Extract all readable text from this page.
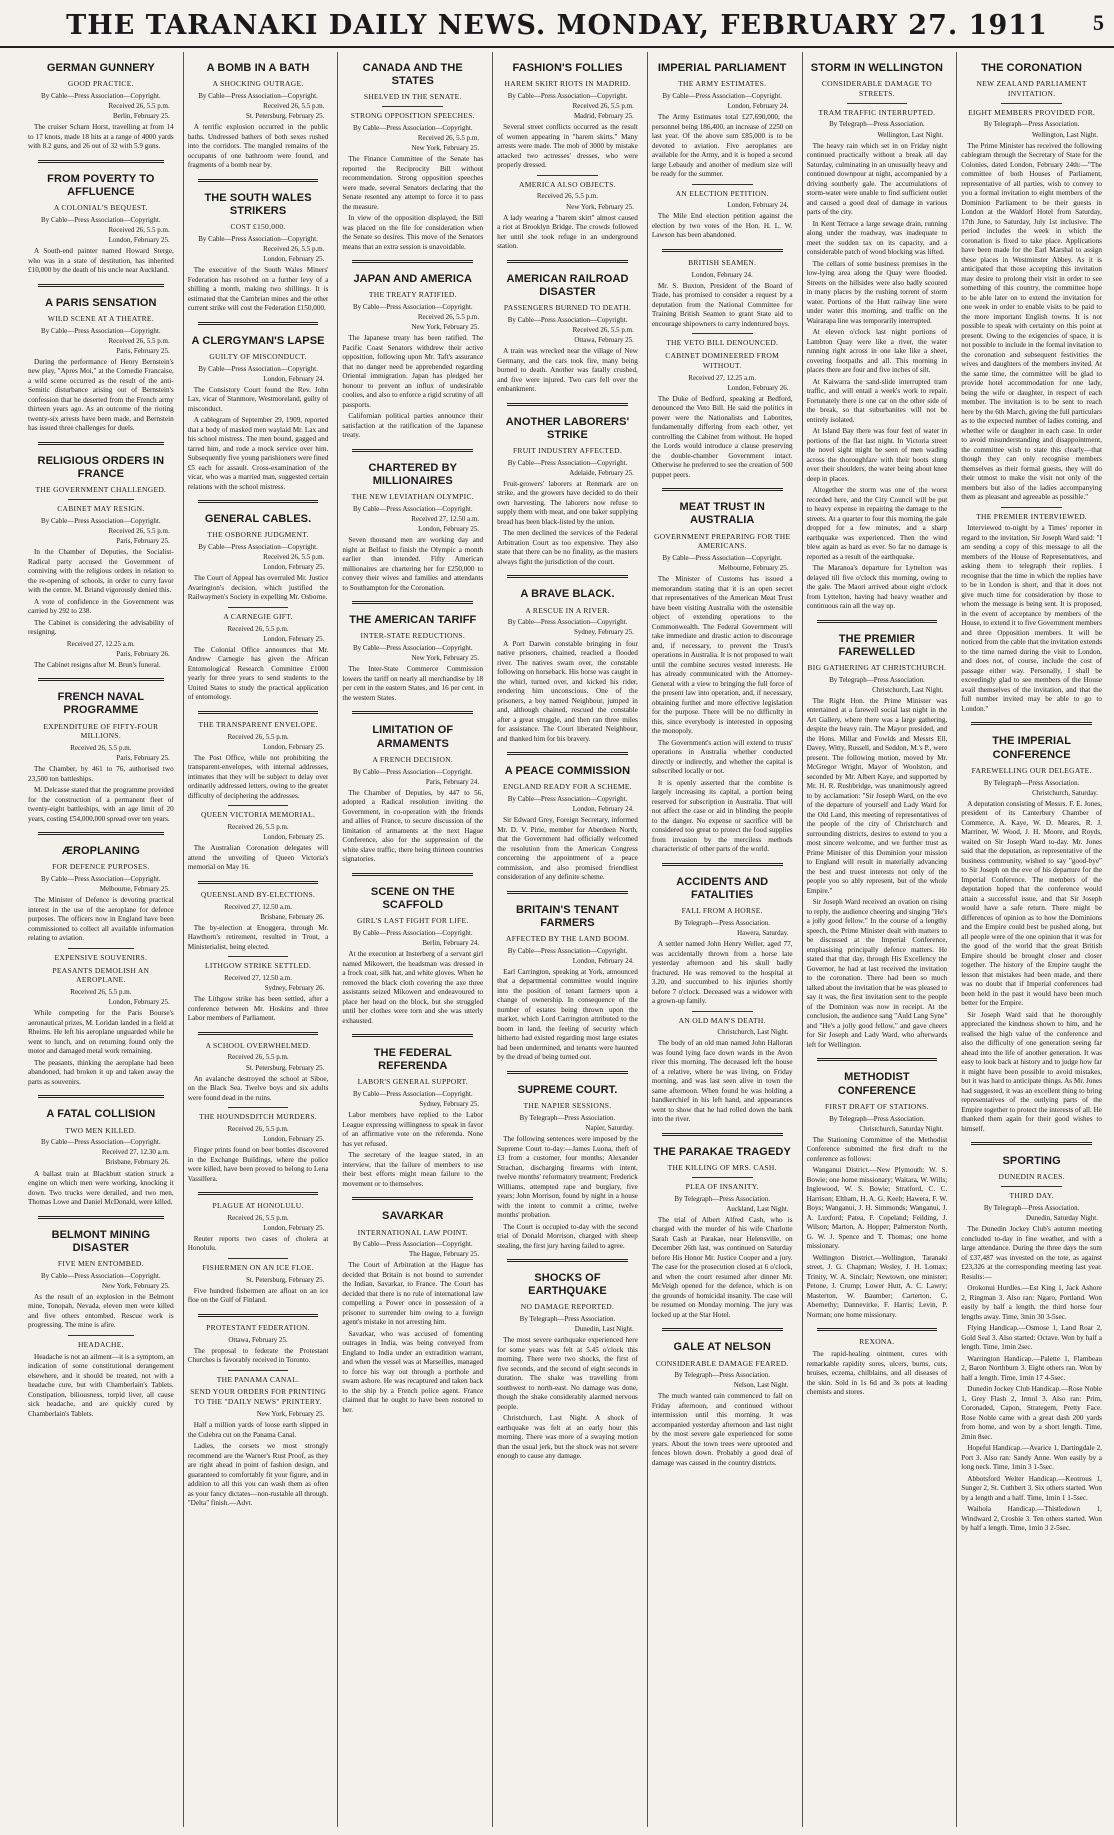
THE TARANAKI DAILY NEWS. MONDAY, FEBRUARY 27. 1911	5
GERMAN GUNNERY
GOOD PRACTICE.
By Cable—Press Association—Copyright.
Received 26, 5.5 p.m.
Berlin, February 25.

The cruiser Scharn Horst, travelling at from 14 to 17 knots, made 18 hits at a range of 4000 yards with 8.2 guns, and 26 out of 32 with 5.9 guns.

FROM POVERTY TO AFFLUENCE
A COLONIAL'S BEQUEST.
By Cable—Press Association—Copyright.
Received 26, 5.5 p.m.
London, February 25.

A South-end painter named Howard Sterge, who was in a state of destitution, has inherited £10,000 by the death of his uncle near Auckland.

A PARIS SENSATION
WILD SCENE AT A THEATRE.
By Cable—Press Association—Copyright.
Received 26, 5.5 p.m.
Paris, February 25.

During the performance of Henry Bernstein's new play, "Apres Moi," at the Comedie Francaise, a wild scene occurred as the result of the anti-Semitic disturbance arising out of Bernstein's confession that he deserted from the French army thirteen years ago. As an outcome of the rioting twenty-six arrests have been made, and Bernstein has issued three challenges for duels.

RELIGIOUS ORDERS IN FRANCE
THE GOVERNMENT CHALLENGED.
CABINET MAY RESIGN.
By Cable—Press Association—Copyright.
Received 26, 5.5 p.m.
Paris, February 25.

In the Chamber of Deputies, the Socialist-Radical party accused the Government of conniving with the religious orders in relation to the re-opening of schools, in order to curry favor with the centre. M. Briand vigorously denied this.

A vote of confidence in the Government was carried by 292 to 238.

The Cabinet is considering the advisability of resigning.

Received 27, 12.25 a.m.
Paris, February 26.

The Cabinet resigns after M. Brun's funeral.

FRENCH NAVAL PROGRAMME
EXPENDITURE OF FIFTY-FOUR MILLIONS.
Received 26, 5.5 p.m.
Paris, February 25.

The Chamber, by 461 to 76, authorised two 23,500 ton battleships.

M. Delcasse stated that the programme provided for the construction of a permanent fleet of twenty-eight battleships, with an age limit of 20 years, costing £54,000,000 spread over ten years.

ÆROPLANING
FOR DEFENCE PURPOSES.
By Cable—Press Association—Copyright.
Melbourne, February 25.

The Minister of Defence is devoting practical interest in the use of the aeroplane for defence purposes. The officers now in England have been commissioned to collect all available information relating to aviation.

EXPENSIVE SOUVENIRS.
PEASANTS DEMOLISH AN AEROPLANE.
Received 26, 5.5 p.m.
London, February 25.

While competing for the Paris Bourse's aeronautical prizes, M. Loridan landed in a field at Rheims. He left his aeroplane unguarded while he went to lunch, and on returning found only the motor and damaged metal work remaining.

The peasants, thinking the aeroplane had been abandoned, had broken it up and taken away the parts as souvenirs.

A FATAL COLLISION
TWO MEN KILLED.
By Cable—Press Association—Copyright.
Received 27, 12.30 a.m.
Brisbane, February 26.

A ballast train at Blackbutt station struck a engine on which men were working, knocking it down. Two trucks were derailed, and two men, Thomas Lowe and Daniel McDonald, were killed.

BELMONT MINING DISASTER
FIVE MEN ENTOMBED.
By Cable—Press Association—Copyright.
New York, February 25.

As the result of an explosion in the Belmont mine, Tonopah, Nevada, eleven men were killed and five others entombed. Rescue work is progressing. The mine is afire.

HEADACHE.

Headache is not an ailment—it is a symptom, an indication of some constitutional derangement elsewhere, and it should be treated, not with a headache cure, but with Chamberlain's Tablets. Constipation, biliousness, torpid liver, all cause sick headache, and are quickly cured by Chamberlain's Tablets.

A BOMB IN A BATH
A SHOCKING OUTRAGE.
By Cable—Press Association—Copyright.
Received 26, 5.5 p.m.
St. Petersburg, February 25.

A terrific explosion occurred in the public baths. Undressed bathers of both sexes rushed into the corridors. The mangled remains of the occupants of one bathroom were found, and fragments of a bomb near by.

THE SOUTH WALES STRIKERS
COST £150,000.
By Cable—Press Association—Copyright.
Received 26, 5.5 p.m.
London, February 25.

The executive of the South Wales Miners' Federation has resolved on a further levy of a shilling a month, making two shillings. It is estimated that the Cambrian mines and the other current strike will cost the Federation £150,000.

A CLERGYMAN'S LAPSE
GUILTY OF MISCONDUCT.
By Cable—Press Association—Copyright.
London, February 24.

The Consistory Court found the Rev. John Lax, vicar of Stanmore, Westmoreland, guilty of misconduct.

A cablegram of September 29, 1909, reported that a body of masked men waylaid Mr. Lax and his school mistress. The men bound, gagged and tarred him, and rode a mock service over him. Subsequently five young parishioners were fined £5 each for assault. Cross-examination of the vicar, who was a married man, suggested certain relations with the school mistress.

GENERAL CABLES.
THE OSBORNE JUDGMENT.
By Cable—Press Association—Copyright.
Received 26, 5.5 p.m.
London, February 25.

The Court of Appeal has overruled Mr. Justice Avarington's decision, which justified the Railwaymen's Society in expelling Mr. Osborne.

A CARNEGIE GIFT.
Received 26, 5.5 p.m.
London, February 25.

The Colonial Office announces that Mr. Andrew Carnegie has given the African Entomological Research Committee £1000 yearly for three years to send students to the United States to study the practical application of entomology.

THE TRANSPARENT ENVELOPE.
Received 26, 5.5 p.m.
London, February 25.

The Post Office, while not prohibiting the transparent-envelopes, with internal addresses, intimates that they will be subject to delay over ordinarily addressed letters, owing to the greater difficulty of deciphering the addresses.

QUEEN VICTORIA MEMORIAL.
Received 26, 5.5 p.m.
London, February 25.

The Australian Coronation delegates will attend the unveiling of Queen Victoria's memorial on May 16.

QUEENSLAND BY-ELECTIONS.
Received 27, 12.50 a.m.
Brisbane, February 26.

The by-election at Enoggera, through Mr. Hawthorn's retirement, resulted in Trout, a Ministerialist, being elected.

LITHGOW STRIKE SETTLED.
Received 27, 12.50 a.m.
Sydney, February 26.

The Lithgow strike has been settled, after a conference between Mr. Hoskins and three Labor members of Parliament.

A SCHOOL OVERWHELMED.
Received 26, 5.5 p.m.
St. Petersburg, February 25.

An avalanche destroyed the school at Siboe, on the Black Sea. Twelve boys and six adults were found dead in the ruins.

THE HOUNDSDITCH MURDERS.
Received 26, 5.5 p.m.
London, February 25.

Finger prints found on beer bottles discovered in the Exchange Buildings, where the police were killed, have been proved to belong to Lena Vassillera.

PLAGUE AT HONOLULU.
Received 26, 5.5 p.m.
London, February 25.

Reuter reports two cases of cholera at Honolulu.

FISHERMEN ON AN ICE FLOE.
St. Petersburg, February 25.

Five hundred fishermen are afloat on an ice floe on the Gulf of Finland.

PROTESTANT FEDERATION.
Ottawa, February 25.

The proposal to federate the Protestant Churches is favorably received in Toronto.

THE PANAMA CANAL.
SEND YOUR ORDERS FOR PRINTING TO THE "DAILY NEWS" PRINTERY.
New York, February 25.

Half a million yards of loose earth slipped in the Culebra cut on the Panama Canal.

Ladies, the corsets we most strongly recommend are the Warner's Rust Proof, as they are right ahead in point of fashion design, and guaranteed to comfortably fit your figure, and in addition to all this you can wash them as often as your fancy dictates—non-rustable all through. "Delta" finish.—Advt.

CANADA AND THE STATES
SHELVED IN THE SENATE.
STRONG OPPOSITION SPEECHES.
By Cable—Press Association—Copyright.
Received 26, 5.5 p.m.
New York, February 25.

The Finance Committee of the Senate has reported the Reciprocity Bill without recommendation. Strong opposition speeches were made, several Senators declaring that the Senate resented any attempt to force it to pass the measure.

In view of the opposition displayed, the Bill was placed on the file for consideration when the Senate so desires. This move of the Senators means that an extra session is unavoidable.

JAPAN AND AMERICA
THE TREATY RATIFIED.
By Cable—Press Association—Copyright.
Received 26, 5.5 p.m.
New York, February 25.

The Japanese treaty has been ratified. The Pacific Coast Senators withdrew their active opposition, following upon Mr. Taft's assurance that no danger need be apprehended regarding Oriental immigration. Japan has pledged her honour to prevent an influx of undesirable coolies, and also to enforce a rigid scrutiny of all passports.

Californian political parties announce their satisfaction at the ratification of the Japanese treaty.

CHARTERED BY MILLIONAIRES
THE NEW LEVIATHAN OLYMPIC.
By Cable—Press Association—Copyright.
Received 27, 12.50 a.m.
London, February 25.

Seven thousand men are working day and night at Belfast to finish the Olympic a month earlier than intended. Fifty American millionaires are chartering her for £250,000 to convey their wives and families and attendants to Southampton for the Coronation.

THE AMERICAN TARIFF
INTER-STATE REDUCTIONS.
By Cable—Press Association—Copyright.
New York, February 25.

The Inter-State Commerce Commission lowers the tariff on nearly all merchandise by 18 per cent in the eastern States, and 16 per cent. in the western States.

LIMITATION OF ARMAMENTS
A FRENCH DECISION.
By Cable—Press Association—Copyright.
Paris, February 24.

The Chamber of Deputies, by 447 to 56, adopted a Radical resolution inviting the Government, in co-operation with the friends and allies of France, to secure discussion of the limitation of armaments at the next Hague Conference, also for the suppression of the white slave traffic, there being thirteen countries signatories.

SCENE ON THE SCAFFOLD
GIRL'S LAST FIGHT FOR LIFE.
By Cable—Press Association—Copyright.
Berlin, February 24.

At the execution at Insterberg of a servant girl named Mikowert, the headsman was dressed in a frock coat, silk hat, and white gloves. When he removed the black cloth covering the axe three assistants seized Mikowert and endeavoured to place her head on the block, but she struggled until her clothes were torn and she was utterly exhausted.

THE FEDERAL REFERENDA
LABOR'S GENERAL SUPPORT.
By Cable—Press Association—Copyright.
Sydney, February 25.

Labor members have replied to the Labor League expressing willingness to speak in favor of an affirmative vote on the referenda. None has yet refused.

The secretary of the league stated, in an interview, that the failure of members to use their best efforts might mean failure to the movement or to themselves.

SAVARKAR
INTERNATIONAL LAW POINT.
By Cable—Press Association—Copyright.
The Hague, February 25.

The Court of Arbitration at the Hague has decided that Britain is not bound to surrender the Indian, Savarkar, to France. The Court has decided that there is no rule of international law compelling a Power once in possession of a prisoner to surrender him owing to a foreign agent's mistake in not arresting him.

Savarkar, who was accused of fomenting outrages in India, was being conveyed from England to India under an extradition warrant, and when the vessel was at Marseilles, managed to force his way out through a porthole and swam ashore. He was recaptured and taken back to the ship by a French police agent. France claimed that he ought to have been restored to her.

FASHION'S FOLLIES
HAREM SKIRT RIOTS IN MADRID.
By Cable—Press Association—Copyright.
Received 26, 5.5 p.m.
Madrid, February 25.

Several street conflicts occurred as the result of women appearing in "harem skirts." Many arrests were made. The mob of 3000 by mistake attacked two actresses' dresses, who were properly dressed.

AMERICA ALSO OBJECTS.
Received 26, 5.5 p.m.
New York, February 25.

A lady wearing a "harem skirt" almost caused a riot at Brooklyn Bridge. The crowds followed her until she took refuge in an underground station.

AMERICAN RAILROAD DISASTER
PASSENGERS BURNED TO DEATH.
By Cable—Press Association—Copyright.
Received 26, 5.5 p.m.
Ottawa, February 25.

A train was wrecked near the village of New Germany, and the cars took fire, many being burned to death. Another was fatally crushed, and five were injured. Two cars fell over the embankment.

ANOTHER LABORERS' STRIKE
FRUIT INDUSTRY AFFECTED.
By Cable—Press Association—Copyright.
Adelaide, February 25.

Fruit-growers' laborers at Renmark are on strike, and the growers have decided to do their own harvesting. The laborers now refuse to supply them with meat, and one baker supplying bread has been black-listed by the union.

The men declined the services of the Federal Arbitration Court as too expensive. They also state that there can be no finality, as the masters always fight the jurisdiction of the court.

A BRAVE BLACK.
A RESCUE IN A RIVER.
By Cable—Press Association—Copyright.
Sydney, February 25.

A Port Darwin constable bringing in four native prisoners, chained, reached a flooded river. The natives swam over, the constable following on horseback. His horse was caught in the whirl, turned over, and kicked his rider, rendering him unconscious. One of the prisoners, a boy named Neighbour, jumped in and, although chained, rescued the constable after a great struggle, and then ran three miles for assistance. The Court liberated Neighbour, and thanked him for his bravery.

A PEACE COMMISSION
ENGLAND READY FOR A SCHEME.
By Cable—Press Association—Copyright.
London, February 24.

Sir Edward Grey, Foreign Secretary, informed Mr. D. V. Pirie, member for Aberdeen North, that the Government had officially welcomed the resolution from the American Congress concerning the appointment of a peace commission, and also promised friendliest consideration of any definite scheme.

BRITAIN'S TENANT FARMERS
AFFECTED BY THE LAND BOOM.
By Cable—Press Association—Copyright.
London, February 24.

Earl Carrington, speaking at York, announced that a departmental committee would inquire into the position of tenant farmers upon a change of ownership. In consequence of the number of estates being thrown upon the market, which Lord Carrington attributed to the boom in land, the feeling of security which hitherto had existed regarding most large estates had been undermined, and tenants were haunted by the dread of being turned out.

SUPREME COURT.
THE NAPIER SESSIONS.
By Telegraph—Press Association.
Napier, Saturday.

The following sentences were imposed by the Supreme Court to-day:—James Luona, theft of £3 from a customer, four months; Alexander Strachan, discharging firearms with intent, twelve months' reformatory treatment; Frederick Williams, attempted rape and burglary, five years; John Morrison, found by night in a house with the intent to commit a crime, twelve months' probation.

The Court is occupied to-day with the second trial of Donald Morrison, charged with sheep stealing, the first jury having failed to agree.

SHOCKS OF EARTHQUAKE
NO DAMAGE REPORTED.
By Telegraph—Press Association.
Dunedin, Last Night.

The most severe earthquake experienced here for some years was felt at 5.45 o'clock this morning. There were two shocks, the first of five seconds, and the second of eight seconds in duration. The shake was travelling from southwest to north-east. No damage was done, though the shake considerably alarmed nervous people.

Christchurch, Last Night. A shock of earthquake was felt at an early hour this morning. There was more of a swaying motion than the usual jerk, but the shock was not severe enough to cause any damage.

IMPERIAL PARLIAMENT
THE ARMY ESTIMATES.
By Cable—Press Association—Copyright.
London, February 24.

The Army Estimates total £27,690,000, the personnel being 186,400, an increase of 2250 on last year. Of the above sum £85,000 is to be devoted to aviation. Five aeroplanes are available for the Army, and it is hoped a second large Lebaudy and another of medium size will be ready for the summer.

AN ELECTION PETITION.
London, February 24.

The Mile End election petition against the election by two votes of the Hon. H. L. W. Lawson has been abandoned.

BRITISH SEAMEN.
London, February 24.

Mr. S. Buxton, President of the Board of Trade, has promised to consider a request by a deputation from the National Committee for Training British Seamen to grant State aid to encourage shipowners to carry indentured boys.

THE VETO BILL DENOUNCED.
CABINET DOMINEERED FROM WITHOUT.
Received 27, 12.25 a.m.
London, February 26.

The Duke of Bedford, speaking at Bedford, denounced the Veto Bill. He said the politics in power were the Nationalists and Laborites, fundamentally differing from each other, yet controlling the Cabinet from without. He hoped the Lords would introduce a clause preserving the double-chamber Government intact. Otherwise he preferred to see the creation of 500 puppet peers.

MEAT TRUST IN AUSTRALIA
GOVERNMENT PREPARING FOR THE AMERICANS.
By Cable—Press Association—Copyright.
Melbourne, February 25.

The Minister of Customs has issued a memorandum stating that it is an open secret that representatives of the American Meat Trust have been visiting Australia with the ostensible object of extending operations to the Commonwealth. The Federal Government will take immediate and drastic action to discourage and, if necessary, to prevent the Trust's operations in Australia. It is not proposed to wait until the combine secures vested interests. He has already communicated with the Attorney-General with a view to bringing the full force of the present law into operation, and, if necessary, obtaining further and more effective legislation for the purpose. There will be no difficulty in this, since everybody is interested in opposing the monopoly.

The Government's action will extend to trusts' operations in Australia whether conducted directly or indirectly, and whether the capital is subscribed locally or not.

It is openly asserted that the combine is largely increasing its capital, a portion being reserved for subscription in Australia. That will not affect the case or aid in blinding the people to the danger. No expense or sacrifice will be considered too great to protect the food supplies from invasion by the merciless methods characteristic of other parts of the world.

ACCIDENTS AND FATALITIES
FALL FROM A HORSE.
By Telegraph—Press Association.
Hawera, Saturday.

A settler named John Henry Weller, aged 77, was accidentally thrown from a horse late yesterday afternoon and his skull badly fractured. He was removed to the hospital at 3.20, and succumbed to his injuries shortly before 7 o'clock. Deceased was a widower with a grown-up family.

AN OLD MAN'S DEATH.
Christchurch, Last Night.

The body of an old man named John Halloran was found lying face down wards in the Avon river this morning. The deceased left the house of a relative, where he was living, on Friday morning, and was last seen alive in town the same afternoon. When found he was holding a handkerchief in his left hand, and appearances went to show that he had rolled down the bank into the river.

THE PARAKAE TRAGEDY
THE KILLING OF MRS. CASH.
PLEA OF INSANITY.
By Telegraph—Press Association.
Auckland, Last Night.

The trial of Albert Alfred Cash, who is charged with the murder of his wife Charlotte Sarah Cash at Parakae, near Helensville, on December 26th last, was continued on Saturday before His Honor Mr. Justice Cooper and a jury. The case for the prosecution closed at 6 o'clock, and when the court resumed after dinner Mr. McVeigh opened for the defence, which is on the grounds of homicidal insanity. The case will be resumed on Monday morning. The jury was locked up at the Star Hotel.

GALE AT NELSON
CONSIDERABLE DAMAGE FEARED.
By Telegraph—Press Association.
Nelson, Last Night.

The much wanted rain commenced to fall on Friday afternoon, and continued without intermission until this morning. It was accompanied yesterday afternoon and last night by the most severe gale experienced for some years. About the town trees were uprooted and fences blown down. Probably a good deal of damage was caused in the country districts.

STORM IN WELLINGTON
CONSIDERABLE DAMAGE TO STREETS.
TRAM TRAFFIC INTERRUPTED.
By Telegraph—Press Association.
Wellington, Last Night.

The heavy rain which set in on Friday night continued practically without a break all day Saturday, culminating in an unusually heavy and continued downpour at night, accompanied by a driving southerly gale. The accumulations of storm-water were unable to find sufficient outlet and caused a good deal of damage in various parts of the city.

In Kent Terrace a large sewage drain, running along under the roadway, was inadequate to meet the sudden tax on its capacity, and a considerable patch of wood blocking was lifted.

The cellars of some business premises in the low-lying area along the Quay were flooded. Streets on the hillsides were also badly scoured in many places by the rushing torrent of storm water. Portions of the Hutt railway line were under water this morning, and traffic on the Wairarapa line was temporarily interrupted.

At eleven o'clock last night portions of Lambton Quay were like a river, the water running right across in one lake like a sheet, covering footpaths and all. This morning in places there are four and five inches of silt.

At Kaiwarra the sand-slide interrupted tram traffic, and will entail a week's work to repair. Fortunately there is one car on the other side of the break, so that suburbanites will not be entirely isolated.

At Island Bay there was four feet of water in portions of the flat last night. In Victoria street the novel sight might be seen of men wading across the thoroughfare with their boots slung over their shoulders, the water being about knee deep in places.

Altogether the storm was one of the worst recorded here, and the City Council will be put to heavy expense in repairing the damage to the streets. At a quarter to four this morning the gale dropped for a few minutes, and a sharp earthquake was experienced. Then the wind blew again as hard as ever. So far no damage is reported as a result of the earthquake.

The Maranoa's departure for Lyttelton was delayed till five o'clock this morning, owing to the gale. The Maori arrived about eight o'clock from Lyttelton, having had heavy weather and continuous rain all the way up.

THE PREMIER FAREWELLED
BIG GATHERING AT CHRISTCHURCH.
By Telegraph—Press Association.
Christchurch, Last Night.

The Right Hon. the Prime Minister was entertained at a farewell social last night in the Art Gallery, where there was a large gathering, despite the heavy rain. The Mayor presided, and the Hons. Millar and Fowlds and Messrs Ell, Davey, Witty, Russell, and Seddon, M.'s P., were present. The following motion, moved by Mr. McGregor Wright, Mayor of Woolston, and seconded by Mr. Albert Kaye, and supported by Mr. H. R. Rushbridge, was unanimously agreed to by acclamation: "Sir Joseph Ward, on the eve of the departure of yourself and Lady Ward for the Old Land, this meeting of representatives of the people of the city of Christchurch and surrounding districts, desires to extend to you a most sincere welcome, and we further trust as Prime Minister of this Dominion your mission to England will result in materially advancing the best and truest interests not only of the people you so ably represent, but of the whole Empire."

Sir Joseph Ward received an ovation on rising to reply, the audience cheering and singing "He's a jolly good fellow." In the course of a lengthy speech, the Prime Minister dealt with matters to be discussed at the Imperial Conference, emphasising principally defence matters. He stated that that day, through His Excellency the Governor, he had at last received the invitation to the coronation. There had been so much talked about the invitation that he was pleased to say it was, the first invitation sent to the people of the Dominion was now in receipt. At the conclusion, the audience sang "Auld Lang Syne" and "He's a jolly good fellow," and gave cheers for Sir Joseph and Lady Ward, who afterwards left for Wellington.

METHODIST CONFERENCE
FIRST DRAFT OF STATIONS.
By Telegraph—Press Association.
Christchurch, Saturday Night.

The Stationing Committee of the Methodist Conference submitted the first draft to the conference as follows:

Wanganui District.—New Plymouth: W. S. Bowie; one home missionary; Waitara, W. Wills; Inglewood, W. S. Bowie; Stratford, C. C. Harrison; Eltham, H. A. G. Keeb; Hawera, F. W. Boys; Wanganui, J. H. Simmonds; Wanganui, J. A. Luxford; Patea, F. Copeland; Feilding, J. Wilson; Marton, A. Hopper; Palmerston North, G. W. J. Spence and T. Thomas; one home missionary.

Wellington District.—Wellington, Taranaki street, J. G. Chapman; Wesley, J. H. Lomax; Trinity, W. A. Sinclair; Newtown, one minister; Petone, J. Crump; Lower Hutt, A. C. Lawry; Masterton, W. Baumber; Carterton, C. Abernethy; Dannevirke, F. Harris; Levin, P. Norman; one home missionary.

REXONA.

The rapid-healing ointment, cures with remarkable rapidity sores, ulcers, burns, cuts, bruises, eczema, chilblains, and all diseases of the skin. Sold in 1s 6d and 3s pots at leading chemists and stores.

THE CORONATION
NEW ZEALAND PARLIAMENT INVITATION.
EIGHT MEMBERS PROVIDED FOR.
By Telegraph—Press Association.
Wellington, Last Night.

The Prime Minister has received the following cablegram through the Secretary of State for the Colonies, dated London, February 24th:—"The committee of both Houses of Parliament, representative of all parties, wish to convey to you a formal invitation to eight members of the Dominion Parliament to be their guests in London at the Waldorf Hotel from Saturday, 17th June, to Saturday, July 1st inclusive. The period includes the week in which the coronation is fixed to take place. Applications have been made for the Earl Marshal to assign these places in Westminster Abbey. As it is anticipated that those accepting this invitation may desire to prolong their visit in order to see something of this country, the committee hope to be able later on to extend the invitation for one week in order to enable visits to be paid to the more important English towns. It is not possible to speak with certainty on this point at present. Owing to the exigencies of space, it is not possible to include in the formal invitation to the coronation and subsequent festivities the wives and daughters of the members invited. At the same time, the committee will be glad to provide hotel accommodation for one lady, being the wife or daughter, in respect of each member. The invitation is to be sent to reach here by the 6th March, giving the full particulars as to the expected number of ladies coming, and whether wife or daughter in each case. In order to avoid misunderstanding and disappointment, the committee wish to state this clearly—that though they can only recognise members themselves as their formal guests, they will do their utmost to make the visit not only of the members but also of the ladies accompanying them as pleasant and agreeable as possible."

THE PREMIER INTERVIEWED.

Interviewed to-night by a Times' reporter in regard to the invitation, Sir Joseph Ward said: "I am sending a copy of this message to all the members of the House of Representatives, and asking them to telegraph their replies. I recognise that the time in which the replies have to be in London is short, and that it does not give much time for consideration by those to whom the message is being sent. It is proposed, in the event of acceptance by members of the House, to extend it to five Government members and three Opposition members. It will be noticed from the cable that the invitation extends to the time named during the visit to London, and does not, of course, include the cost of passage either way. Personally, I shall be exceedingly glad to see members of the House avail themselves of the invitation, and that the full number invited may be able to go to London."

THE IMPERIAL CONFERENCE
FAREWELLING OUR DELEGATE.
By Telegraph—Press Association.
Christchurch, Saturday.

A deputation consisting of Messrs. F. E. Jones, president of its Canterbury Chamber of Commerce, A. Kaye, W. D. Meares, R. J. Marriner, W. Wood, J. H. Moore, and Royds, waited on Sir Joseph Ward to-day. Mr. Jones said that the deputation, as representative of the business community, wished to say "good-bye" to Sir Joseph on the eve of his departure for the Imperial Conference. The members of the deputation hoped that the conference would attain a successful issue, and that Sir Joseph would have a safe return. There might be differences of opinion as to how the Dominions and the Empire could best be pushed along, but all people were of the one opinion that it was for the good of the world that the great British Empire should be brought closer and closer together. The history of the Empire taught the lesson that mistakes had been made, and there was no doubt that if Imperial conferences had been held in the past it would have been much better for the Empire.

Sir Joseph Ward said that he thoroughly appreciated the kindness shown to him, and he realised the high value of the conference and also the difficulty of one generation seeing far ahead into the life of another generation. It was easy to look back at history and to judge how far it might have been possible to avoid mistakes, but it was hard to anticipate things. As Mr. Jones had suggested, it was an excellent thing to bring representatives of the outlying parts of the Empire together to protect the interests of all. He thanked them again for their good wishes to himself.

SPORTING
DUNEDIN RACES.
THIRD DAY.
By Telegraph—Press Association.
Dunedin, Saturday Night.

The Dunedin Jockey Club's autumn meeting concluded to-day in fine weather, and with a large attendance. During the three days the sum of £37,487 was invested on the tote, as against £23,326 at the corresponding meeting last year. Results:—

Orokonui Hurdles.—Est King 1, Jack Ashore 2, Ringman 3. Also ran: Ngaro, Portland. Won easily by half a length, the third horse four lengths away. Time, 3min 30 3-5sec.

Flying Handicap.—Osmose 1, Land Roar 2, Gold Seal 3. Also started: Octave. Won by half a length. Time, 1min 2sec.

Warrington Handicap.—Palette 1, Flambeau 2, Baron Northburn 3. Eight others ran. Won by half a length. Time, 1min 17 4-5sec.

Dunedin Jockey Club Handicap.—Rose Noble 1, Grey Flash 2, Irmul 3. Also ran: Prim, Coronaded, Capon, Strategem, Pretty Face. Rose Noble came with a great dash 200 yards from home, and won by a short length. Time, 2min 8sec.

Hopeful Handicap.—Avarice 1, Dartingdale 2, Port 3. Also ran: Sandy Anne. Won easily by a long neck. Time, 1min 3 1-5sec.

Abbotsford Welter Handicap.—Keotrous 1, Sunger 2, St. Cuthbert 3. Six others started. Won by a length and a half. Time, 1min 1 1-5sec.

Waihola Handicap.—Thistledown 1, Windward 2, Crosbie 3. Ten others started. Won by half a length. Time, 1min 3 2-5sec.
